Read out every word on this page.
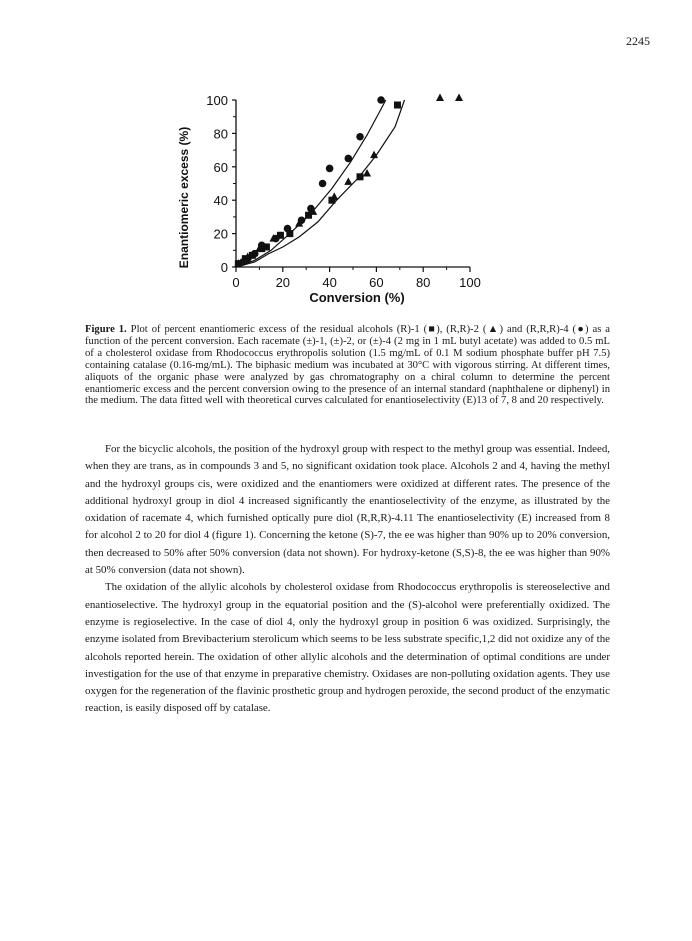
2245
0	20 40 60 80 100
0
20
40
60
80
100
Conversion (%)
Enantiomeric excess (%)
Figure 1. Plot of percent enantiomeric excess of the residual alcohols (R)-1 (■), (R,R)-2 (▲) and (R,R,R)-4 (●) as a function of the percent conversion. Each racemate (±)-1, (±)-2, or (±)-4 (2 mg in 1 mL butyl acetate) was added to 0.5 mL of a cholesterol oxidase from Rhodococcus erythropolis solution (1.5 mg/mL of 0.1 M sodium phosphate buffer pH 7.5) containing catalase (0.16-mg/mL). The biphasic medium was incubated at 30°C with vigorous stirring. At different times, aliquots of the organic phase were analyzed by gas chromatography on a chiral column to determine the percent enantiomeric excess and the percent conversion owing to the presence of an internal standard (naphthalene or diphenyl) in the medium. The data fitted well with theoretical curves calculated for enantioselectivity (E)13 of 7, 8 and 20 respectively.

For the bicyclic alcohols, the position of the hydroxyl group with respect to the methyl group was essential. Indeed, when they are trans, as in compounds 3 and 5, no significant oxidation took place. Alcohols 2 and 4, having the methyl and the hydroxyl groups cis, were oxidized and the enantiomers were oxidized at different rates. The presence of the additional hydroxyl group in diol 4 increased significantly the enantioselectivity of the enzyme, as illustrated by the oxidation of racemate 4, which furnished optically pure diol (R,R,R)-4.11 The enantioselectivity (E) increased from 8 for alcohol 2 to 20 for diol 4 (figure 1). Concerning the ketone (S)-7, the ee was higher than 90% up to 20% conversion, then decreased to 50% after 50% conversion (data not shown). For hydroxy-ketone (S,S)-8, the ee was higher than 90% at 50% conversion (data not shown).

The oxidation of the allylic alcohols by cholesterol oxidase from Rhodococcus erythropolis is stereoselective and enantioselective. The hydroxyl group in the equatorial position and the (S)-alcohol were preferentially oxidized. The enzyme is regioselective. In the case of diol 4, only the hydroxyl group in position 6 was oxidized. Surprisingly, the enzyme isolated from Brevibacterium sterolicum which seems to be less substrate specific,1,2 did not oxidize any of the alcohols reported herein. The oxidation of other allylic alcohols and the determination of optimal conditions are under investigation for the use of that enzyme in preparative chemistry. Oxidases are non-polluting oxidation agents. They use oxygen for the regeneration of the flavinic prosthetic group and hydrogen peroxide, the second product of the enzymatic reaction, is easily disposed off by catalase.
